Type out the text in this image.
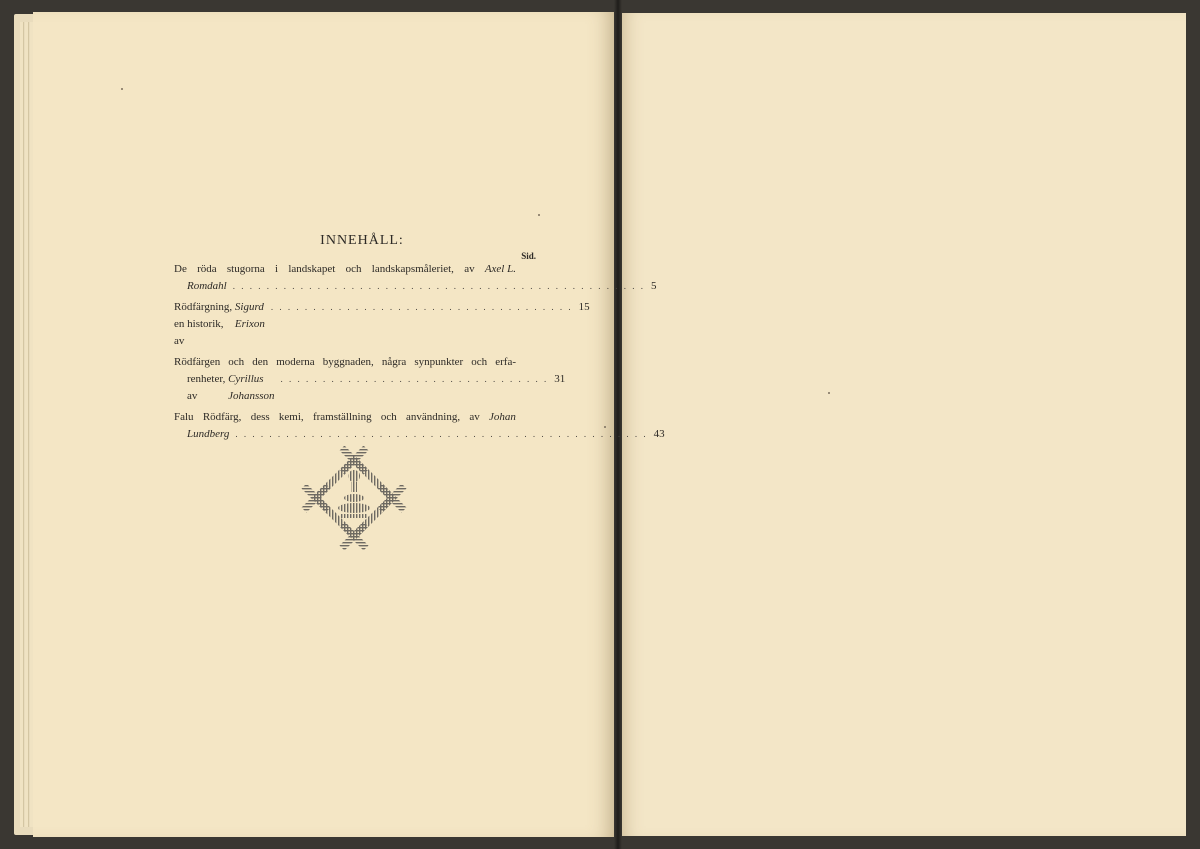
INNEHÅLL:
Sid.
De röda stugorna i landskapet och landskapsmåleriet, av Axel L.
Romdahl . . . . . . . . . . . . . . . . . . . . . . . . . . . . . . . . . . . . . . . . . . . . . . . . . 5
Rödfärgning, en historik, av

Sigurd Erixon
. . . . . . . . . . . . . . . . . . . . . . . . . . . . . . . . . . . . 15
Rödfärgen och den moderna byggnaden, några synpunkter och erfa-
renheter, av

Cyrillus Johansson
. . . . . . . . . . . . . . . . . . . . . . . . . . . . . . . . 31
Falu Rödfärg, dess kemi, framställning och användning, av Johan
Lundberg . . . . . . . . . . . . . . . . . . . . . . . . . . . . . . . . . . . . . . . . . . . . . . . . . 43
